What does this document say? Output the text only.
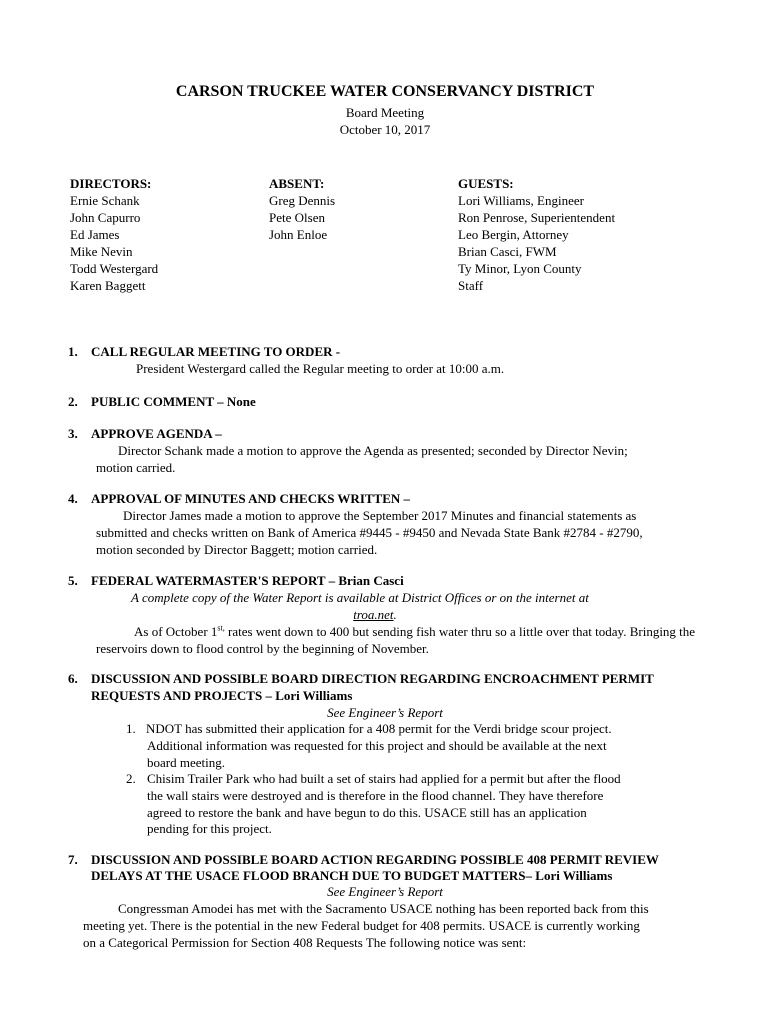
CARSON TRUCKEE WATER CONSERVANCY DISTRICT
Board Meeting
October 10, 2017
DIRECTORS:
Ernie Schank
John Capurro
Ed James
Mike Nevin
Todd Westergard
Karen Baggett
ABSENT:
Greg Dennis
Pete Olsen
John Enloe
GUESTS:
Lori Williams, Engineer
Ron Penrose, Superientendent
Leo Bergin, Attorney
Brian Casci, FWM
Ty Minor, Lyon County
Staff
1. CALL REGULAR MEETING TO ORDER -
President Westergard called the Regular meeting to order at 10:00 a.m.
2. PUBLIC COMMENT – None
3. APPROVE AGENDA –
Director Schank made a motion to approve the Agenda as presented; seconded by Director Nevin;
motion carried.
4. APPROVAL OF MINUTES AND CHECKS WRITTEN –
Director James made a motion to approve the September 2017 Minutes and financial statements as
submitted and checks written on Bank of America #9445 - #9450 and Nevada State Bank #2784 - #2790,
motion seconded by Director Baggett; motion carried.
5. FEDERAL WATERMASTER'S REPORT – Brian Casci
A complete copy of the Water Report is available at District Offices or on the internet at
troa.net.
As of October $1^{st,}$ rates went down to 400 but sending fish water thru so a little over that today. Bringing the
reservoirs down to flood control by the beginning of November.
6. DISCUSSION AND POSSIBLE BOARD DIRECTION REGARDING ENCROACHMENT PERMIT
REQUESTS AND PROJECTS – Lori Williams
See Engineer’s Report
1. NDOT has submitted their application for a 408 permit for the Verdi bridge scour project.
Additional information was requested for this project and should be available at the next
board meeting.
2. Chisim Trailer Park who had built a set of stairs had applied for a permit but after the flood
the wall stairs were destroyed and is therefore in the flood channel. They have therefore
agreed to restore the bank and have begun to do this. USACE still has an application
pending for this project.
7. DISCUSSION AND POSSIBLE BOARD ACTION REGARDING POSSIBLE 408 PERMIT REVIEW
DELAYS AT THE USACE FLOOD BRANCH DUE TO BUDGET MATTERS– Lori Williams
See Engineer’s Report
Congressman Amodei has met with the Sacramento USACE nothing has been reported back from this
meeting yet. There is the potential in the new Federal budget for 408 permits. USACE is currently working
on a Categorical Permission for Section 408 Requests The following notice was sent:
